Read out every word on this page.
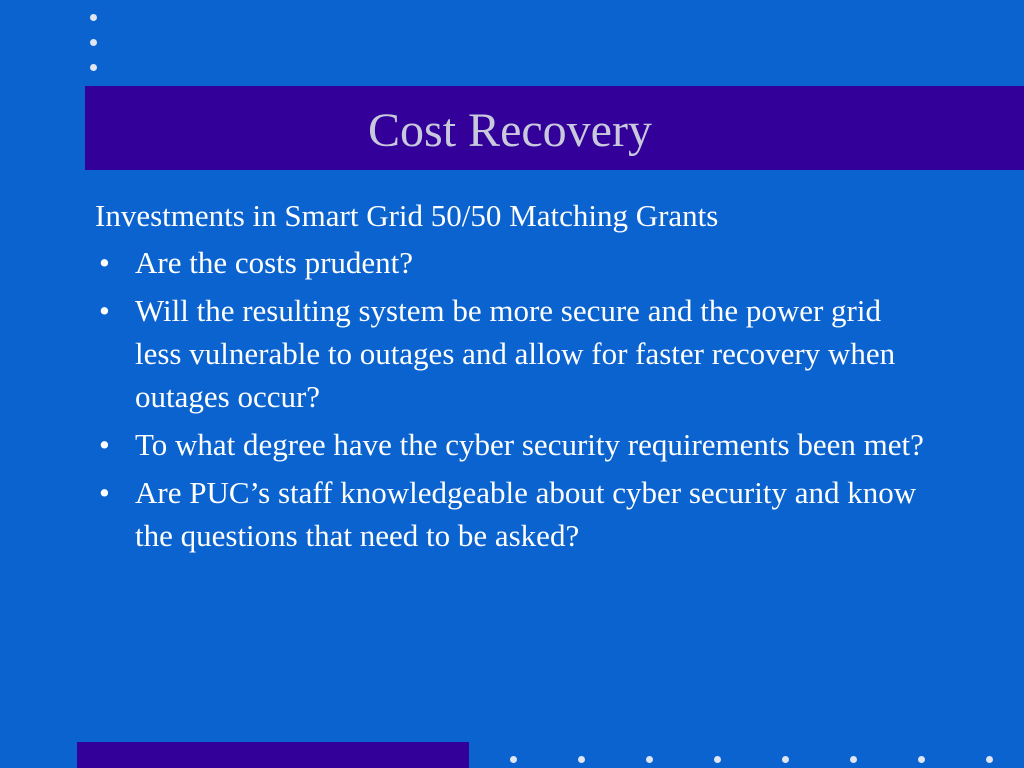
Cost Recovery

Investments in Smart Grid 50/50 Matching Grants

• Are the costs prudent?
• Will the resulting system be more secure and the power grid less vulnerable to outages and allow for faster recovery when outages occur?
• To what degree have the cyber security requirements been met?
• Are PUC’s staff knowledgeable about cyber security and know the questions that need to be asked?
